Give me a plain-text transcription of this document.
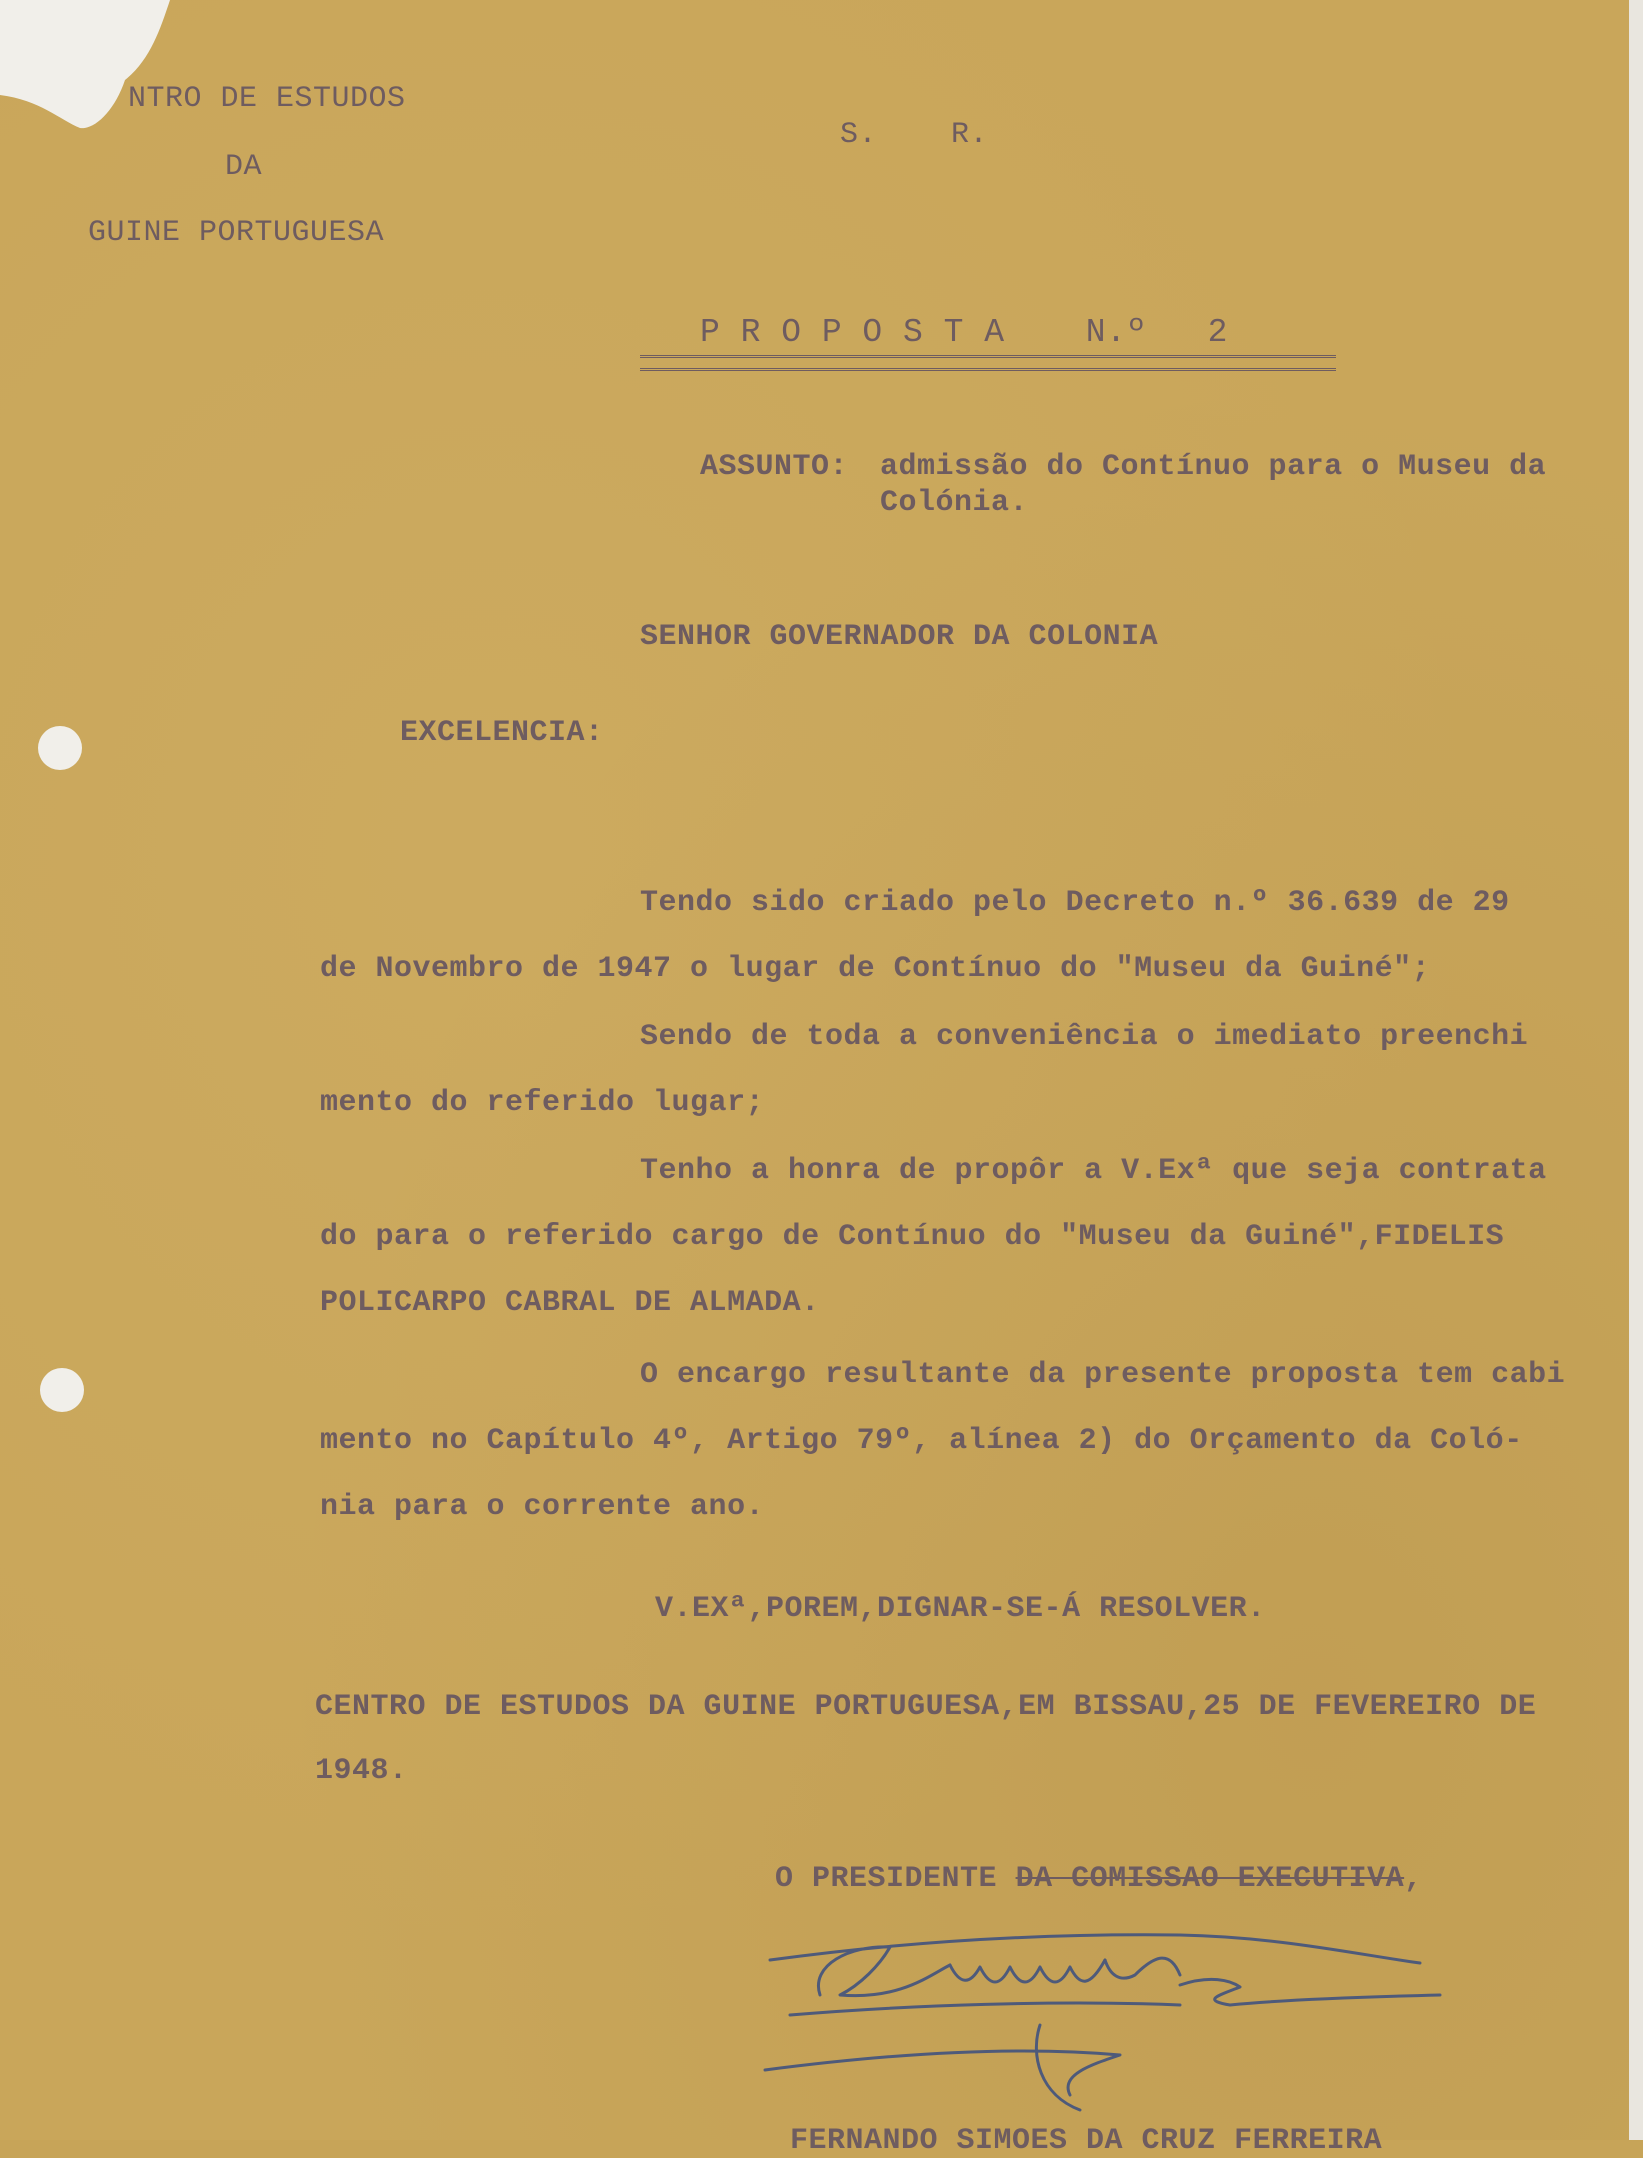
NTRO DE ESTUDOS
DA
GUINE PORTUGUESA
S.    R.
P R O P O S T A    N.º   2
ASSUNTO: admissão do Contínuo para o Museu da
Colónia.
SENHOR GOVERNADOR DA COLONIA
EXCELENCIA:
Tendo sido criado pelo Decreto n.º 36.639 de 29
de Novembro de 1947 o lugar de Contínuo do "Museu da Guiné";
Sendo de toda a conveniência o imediato preenchi
mento do referido lugar;
Tenho a honra de propôr a V.Exª que seja contrata
do para o referido cargo de Contínuo do "Museu da Guiné",FIDELIS
POLICARPO CABRAL DE ALMADA.
O encargo resultante da presente proposta tem cabi
mento no Capítulo 4º, Artigo 79º, alínea 2) do Orçamento da Coló-
nia para o corrente ano.
V.EXª,POREM,DIGNAR-SE-Á RESOLVER.
CENTRO DE ESTUDOS DA GUINE PORTUGUESA,EM BISSAU,25 DE FEVEREIRO DE
1948.
O PRESIDENTE DA COMISSAO EXECUTIVA,
FERNANDO SIMOES DA CRUZ FERREIRA
